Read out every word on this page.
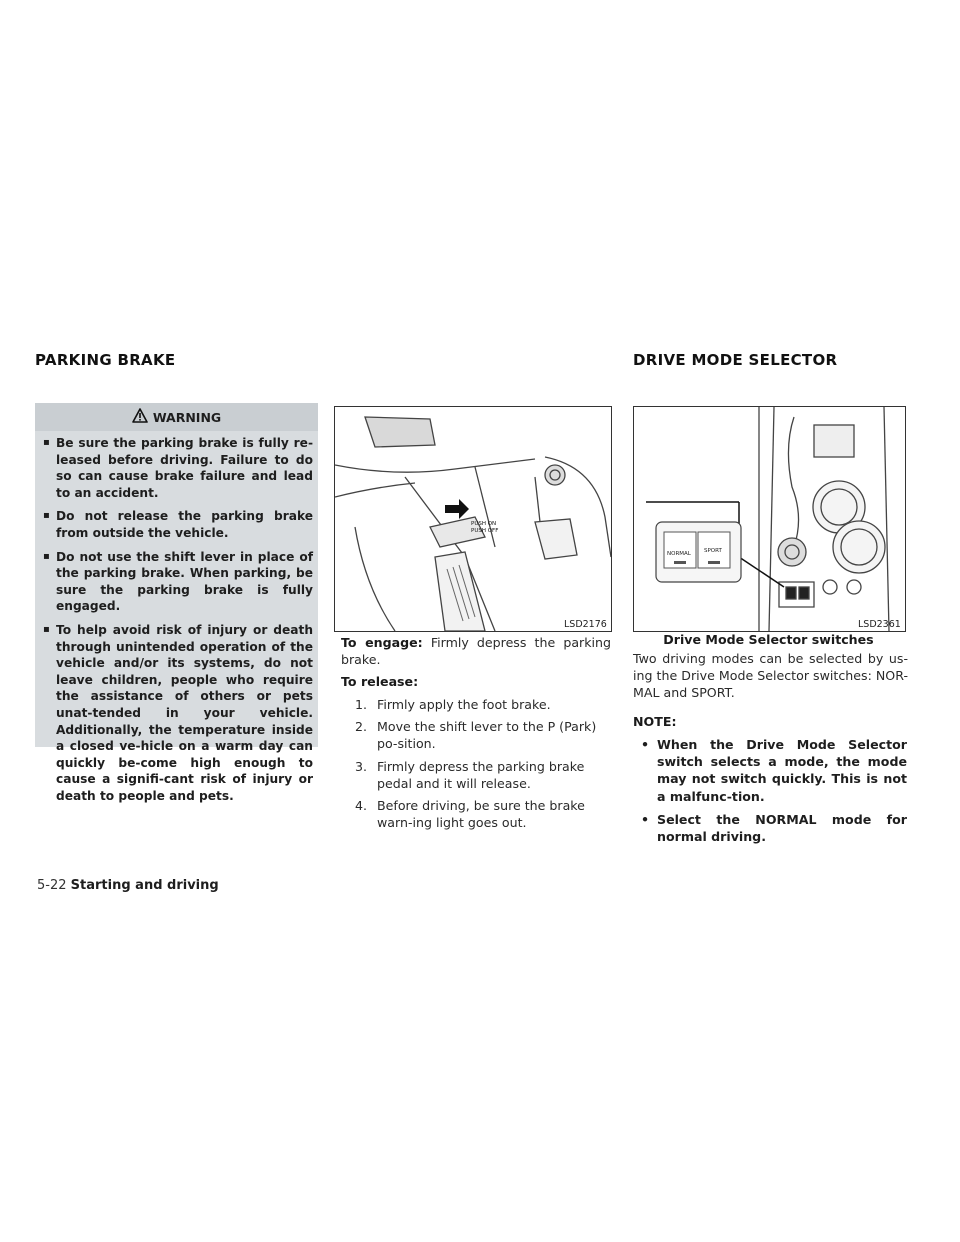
PARKING BRAKE	DRIVE MODE SELECTOR
WARNING
▪ Be sure the parking brake is fully re-leased before driving. Failure to do so can cause brake failure and lead to an accident.
▪ Do not release the parking brake from outside the vehicle.
▪ Do not use the shift lever in place of the parking brake. When parking, be sure the parking brake is fully engaged.
▪ To help avoid risk of injury or death through unintended operation of the vehicle and/or its systems, do not leave children, people who require the assistance of others or pets unat-tended in your vehicle. Additionally, the temperature inside a closed ve-hicle on a warm day can quickly be-come high enough to cause a signifi-cant risk of injury or death to people and pets.
PUSH ON
PUSH OFF
LSD2176
To engage: Firmly depress the parking brake.
To release:
1. Firmly apply the foot brake.
2. Move the shift lever to the P (Park) po-sition.
3. Firmly depress the parking brake pedal and it will release.
4. Before driving, be sure the brake warn-ing light goes out.
NORMAL SPORT
LSD2361
Drive Mode Selector switches
Two driving modes can be selected by us-ing the Drive Mode Selector switches: NOR-MAL and SPORT.
NOTE:
• When the Drive Mode Selector switch selects a mode, the mode may not switch quickly. This is not a malfunc-tion.
• Select the NORMAL mode for normal driving.
5-22 Starting and driving
